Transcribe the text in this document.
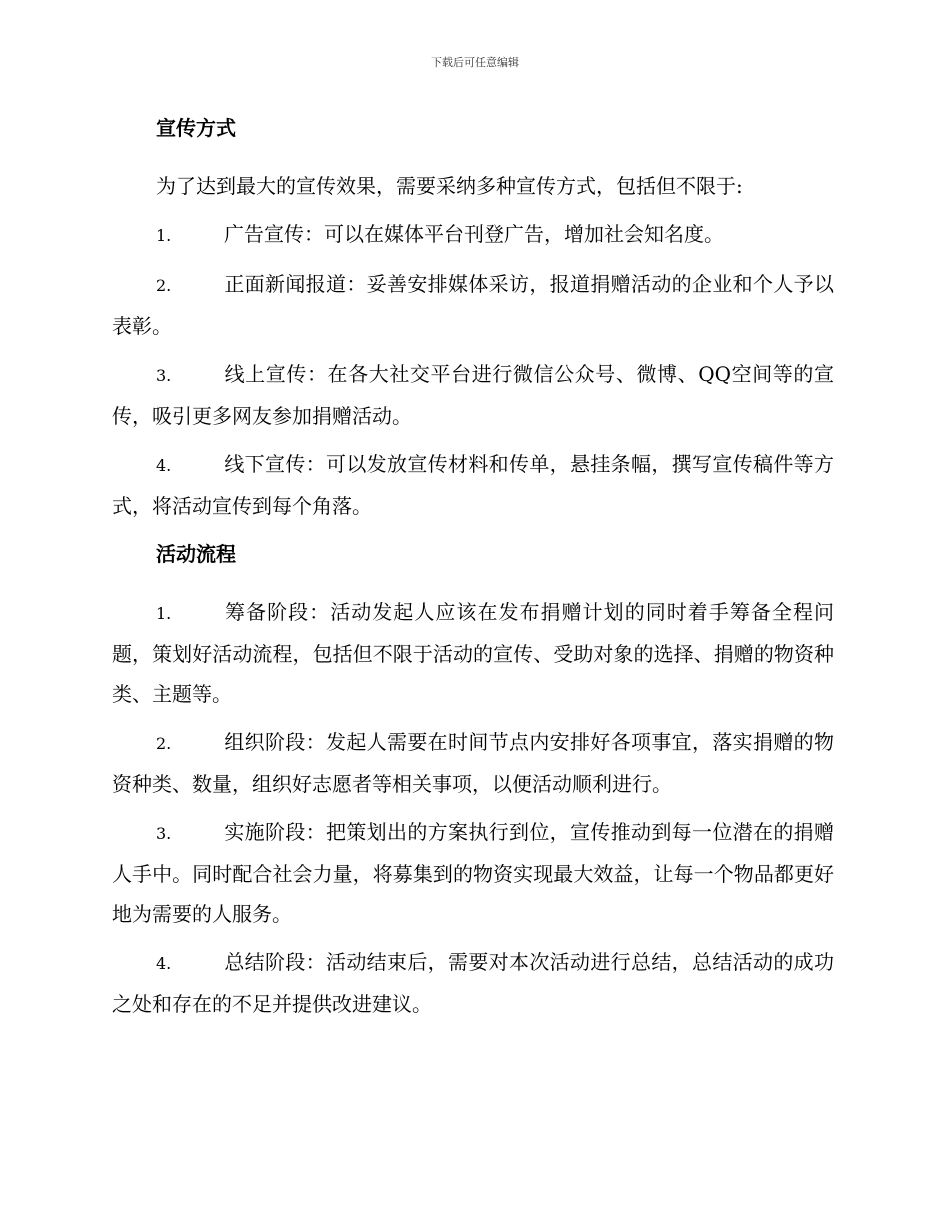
下载后可任意编辑

宣传方式

为了达到最大的宣传效果，需要采纳多种宣传方式，包括但不限于:

1.	广告宣传：可以在媒体平台刊登广告，增加社会知名度。

2.	正面新闻报道：妥善安排媒体采访，报道捐赠活动的企业和个人予以表彰。

3.	线上宣传：在各大社交平台进行微信公众号、微博、QQ空间等的宣传，吸引更多网友参加捐赠活动。

4.	线下宣传：可以发放宣传材料和传单，悬挂条幅，撰写宣传稿件等方式，将活动宣传到每个角落。

活动流程

1.	筹备阶段：活动发起人应该在发布捐赠计划的同时着手筹备全程问题，策划好活动流程，包括但不限于活动的宣传、受助对象的选择、捐赠的物资种类、主题等。

2.	组织阶段：发起人需要在时间节点内安排好各项事宜，落实捐赠的物资种类、数量，组织好志愿者等相关事项，以便活动顺利进行。

3.	实施阶段：把策划出的方案执行到位，宣传推动到每一位潜在的捐赠人手中。同时配合社会力量，将募集到的物资实现最大效益，让每一个物品都更好地为需要的人服务。

4.	总结阶段：活动结束后，需要对本次活动进行总结，总结活动的成功之处和存在的不足并提供改进建议。
